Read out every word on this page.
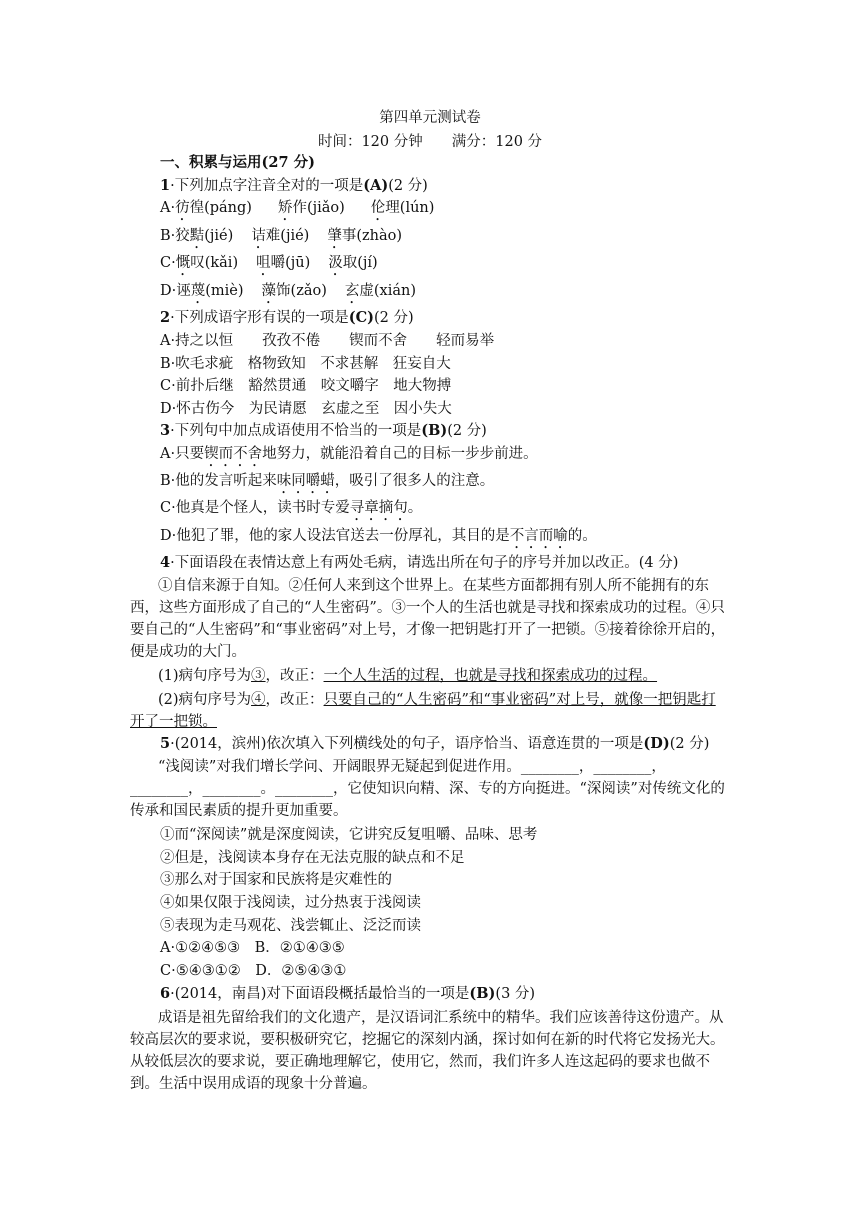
第四单元测试卷
时间：120 分钟　　满分：120 分
一、积累与运用(27 分)
1·下列加点字注音全对的一项是(A)(2 分)
A·彷徨(páng) 矫作(jiǎo) 伦理(lún)
B·狡黠(jié) 诘难(jié) 肇事(zhào)
C·慨叹(kǎi) 咀嚼(jū) 汲取(jí)
D·诬蔑(miè) 藻饰(zǎo) 玄虚(xián)
2·下列成语字形有误的一项是(C)(2 分)
A·持之以恒　　孜孜不倦　　锲而不舍　　轻而易举
B·吹毛求疵　格物致知　不求甚解　狂妄自大
C·前扑后继　豁然贯通　咬文嚼字　地大物搏
D·怀古伤今　为民请愿　玄虚之至　因小失大
3·下列句中加点成语使用不恰当的一项是(B)(2 分)
A·只要锲而不舍地努力，就能沿着自己的目标一步步前进。
B·他的发言听起来味同嚼蜡，吸引了很多人的注意。
C·他真是个怪人，读书时专爱寻章摘句。
D·他犯了罪，他的家人设法官送去一份厚礼，其目的是不言而喻的。
4·下面语段在表情达意上有两处毛病，请选出所在句子的序号并加以改正。(4 分)
①自信来源于自知。②任何人来到这个世界上。在某些方面都拥有别人所不能拥有的东西，这些方面形成了自己的“人生密码”。③一个人的生活也就是寻找和探索成功的过程。④只要自己的“人生密码”和“事业密码”对上号，才像一把钥匙打开了一把锁。⑤接着徐徐开启的，便是成功的大门。
(1)病句序号为③，改正：一个人生活的过程，也就是寻找和探索成功的过程。
(2)病句序号为④，改正：只要自己的“人生密码”和“事业密码”对上号，就像一把钥匙打开了一把锁。
5·(2014，滨州)依次填入下列横线处的句子，语序恰当、语意连贯的一项是(D)(2 分)
“浅阅读”对我们增长学问、开阔眼界无疑起到促进作用。________，________，________，________。________，它使知识向精、深、专的方向挺进。“深阅读”对传统文化的传承和国民素质的提升更加重要。
①而“深阅读”就是深度阅读，它讲究反复咀嚼、品味、思考
②但是，浅阅读本身存在无法克服的缺点和不足
③那么对于国家和民族将是灾难性的
④如果仅限于浅阅读，过分热衷于浅阅读
⑤表现为走马观花、浅尝辄止、泛泛而读
A·①②④⑤③　B．②①④③⑤
C·⑤④③①②　D．②⑤④③①
6·(2014，南昌)对下面语段概括最恰当的一项是(B)(3 分)
成语是祖先留给我们的文化遗产，是汉语词汇系统中的精华。我们应该善待这份遗产。从较高层次的要求说，要积极研究它，挖掘它的深刻内涵，探讨如何在新的时代将它发扬光大。从较低层次的要求说，要正确地理解它，使用它，然而，我们许多人连这起码的要求也做不到。生活中误用成语的现象十分普遍。
